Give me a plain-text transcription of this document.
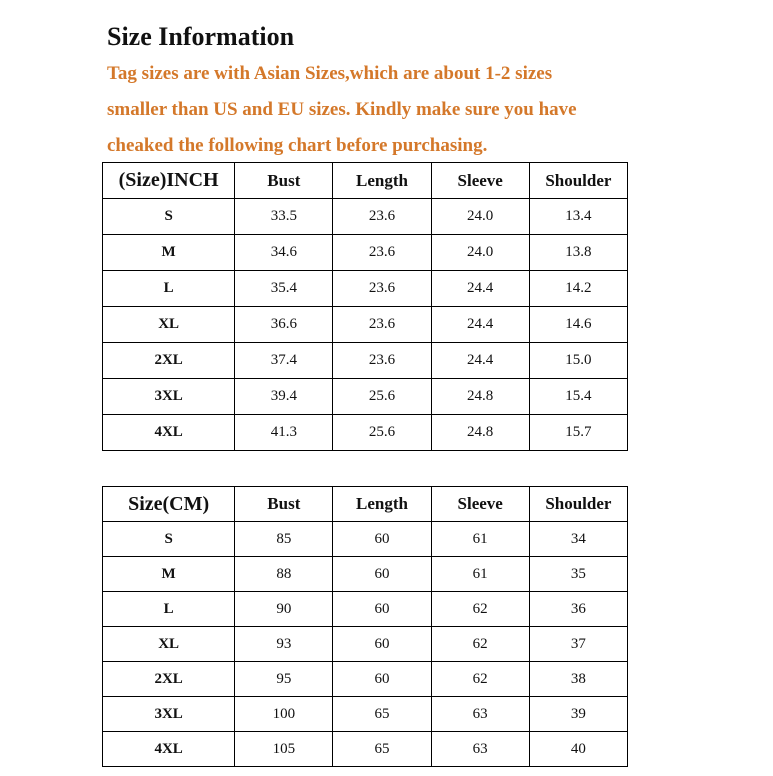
Size Information
Tag sizes are with Asian Sizes,which are about 1-2 sizes
smaller than US and EU sizes. Kindly make sure you have
cheaked the following chart before purchasing.
(Size)INCH	Bust	Length	Sleeve	Shoulder
S	33.5	23.6	24.0	13.4
M	34.6	23.6	24.0	13.8
L	35.4	23.6	24.4	14.2
XL	36.6	23.6	24.4	14.6
2XL	37.4	23.6	24.4	15.0
3XL	39.4	25.6	24.8	15.4
4XL	41.3	25.6	24.8	15.7
Size(CM)	Bust	Length	Sleeve	Shoulder
S	85	60	61	34
M	88	60	61	35
L	90	60	62	36
XL	93	60	62	37
2XL	95	60	62	38
3XL	100	65	63	39
4XL	105	65	63	40
